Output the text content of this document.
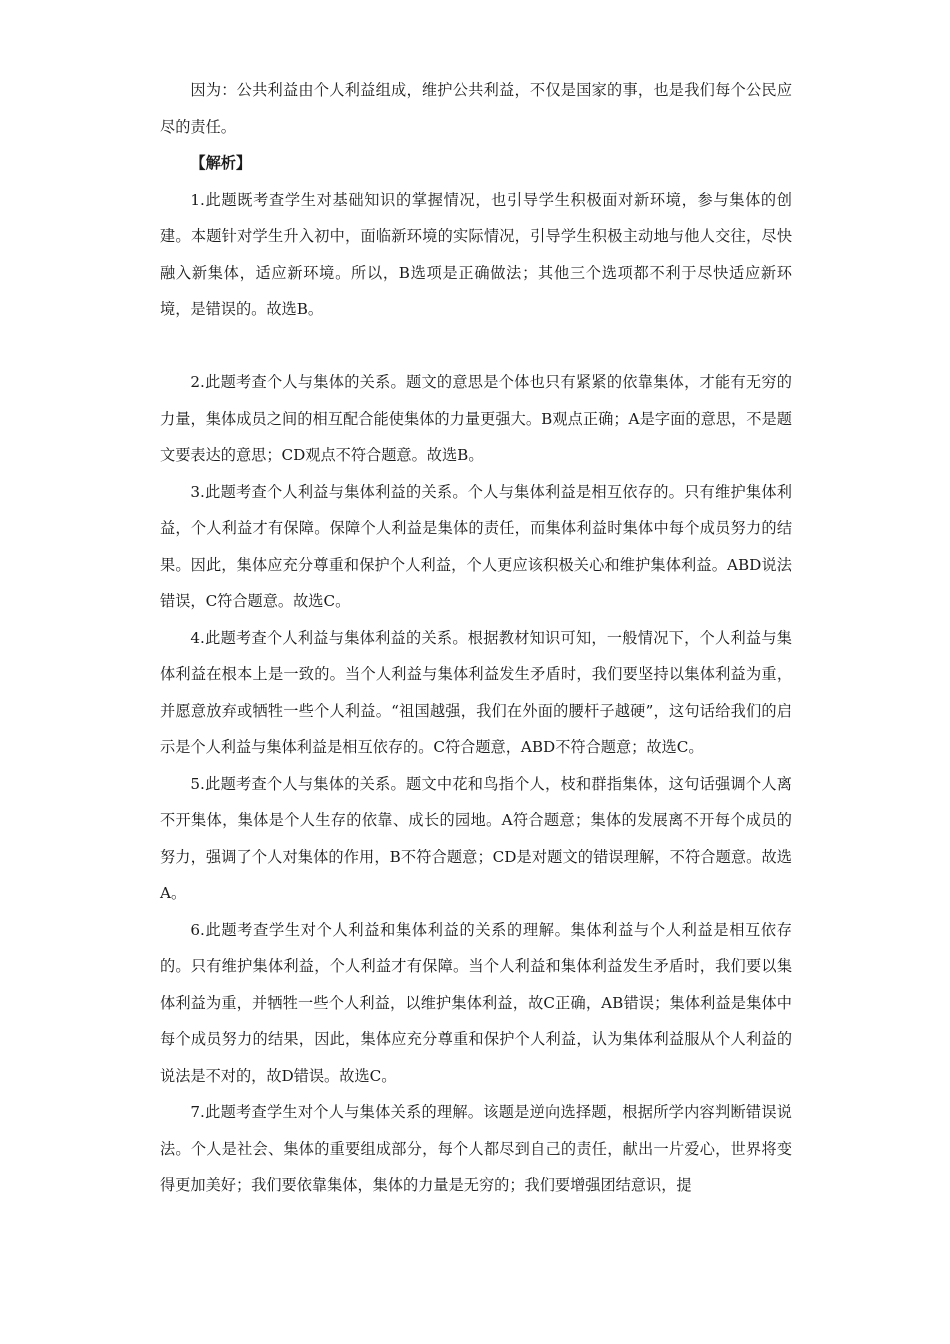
因为：公共利益由个人利益组成，维护公共利益，不仅是国家的事，也是我们每个公民应尽的责任。

【解析】

1.此题既考查学生对基础知识的掌握情况，也引导学生积极面对新环境，参与集体的创建。本题针对学生升入初中，面临新环境的实际情况，引导学生积极主动地与他人交往，尽快融入新集体，适应新环境。所以，B选项是正确做法；其他三个选项都不利于尽快适应新环境，是错误的。故选B。

2.此题考查个人与集体的关系。题文的意思是个体也只有紧紧的依靠集体，才能有无穷的力量，集体成员之间的相互配合能使集体的力量更强大。B观点正确；A是字面的意思，不是题文要表达的意思；CD观点不符合题意。故选B。

3.此题考查个人利益与集体利益的关系。个人与集体利益是相互依存的。只有维护集体利益，个人利益才有保障。保障个人利益是集体的责任，而集体利益时集体中每个成员努力的结果。因此，集体应充分尊重和保护个人利益，个人更应该积极关心和维护集体利益。ABD说法错误，C符合题意。故选C。

4.此题考查个人利益与集体利益的关系。根据教材知识可知，一般情况下，个人利益与集体利益在根本上是一致的。当个人利益与集体利益发生矛盾时，我们要坚持以集体利益为重，并愿意放弃或牺牲一些个人利益。“祖国越强，我们在外面的腰杆子越硬”，这句话给我们的启示是个人利益与集体利益是相互依存的。C符合题意，ABD不符合题意；故选C。

5.此题考查个人与集体的关系。题文中花和鸟指个人，枝和群指集体，这句话强调个人离不开集体，集体是个人生存的依靠、成长的园地。A符合题意；集体的发展离不开每个成员的努力，强调了个人对集体的作用，B不符合题意；CD是对题文的错误理解，不符合题意。故选A。

6.此题考查学生对个人利益和集体利益的关系的理解。集体利益与个人利益是相互依存的。只有维护集体利益，个人利益才有保障。当个人利益和集体利益发生矛盾时，我们要以集体利益为重，并牺牲一些个人利益，以维护集体利益，故C正确，AB错误；集体利益是集体中每个成员努力的结果，因此，集体应充分尊重和保护个人利益，认为集体利益服从个人利益的说法是不对的，故D错误。故选C。

7.此题考查学生对个人与集体关系的理解。该题是逆向选择题，根据所学内容判断错误说法。个人是社会、集体的重要组成部分，每个人都尽到自己的责任，献出一片爱心，世界将变得更加美好；我们要依靠集体，集体的力量是无穷的；我们要增强团结意识，提
